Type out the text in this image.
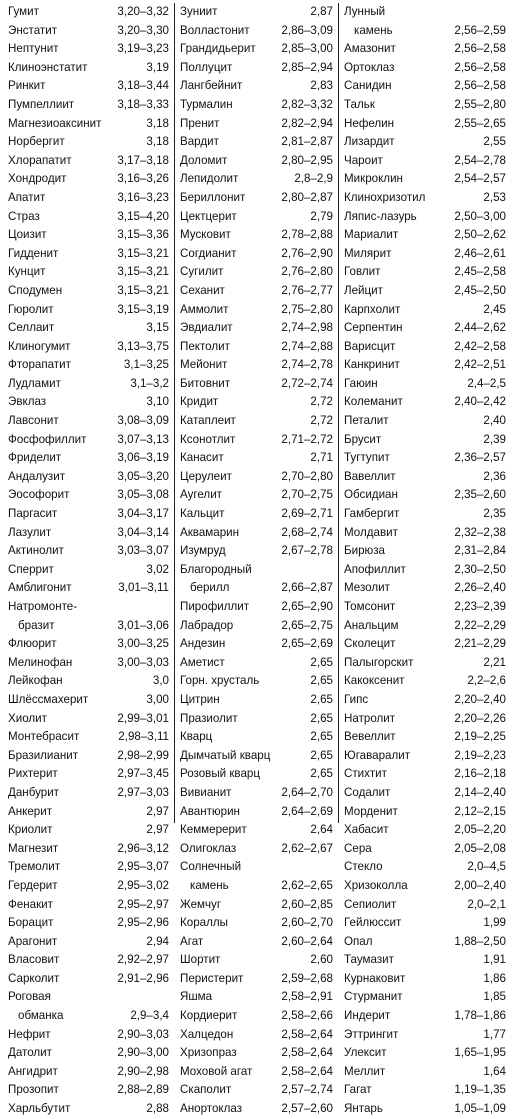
Гумит	3,20–3,32
Энстатит	3,20–3,30
Нептунит	3,19–3,23
Клиноэнстатит	3,19
Ринкит	3,18–3,44
Пумпеллиит	3,18–3,33
Магнезиоаксинит	3,18
Норбергит	3,18
Хлорапатит	3,17–3,18
Хондродит	3,16–3,26
Апатит	3,16–3,23
Страз	3,15–4,20
Цоизит	3,15–3,36
Гидденит	3,15–3,21
Кунцит	3,15–3,21
Сподумен	3,15–3,21
Гюролит	3,15–3,19
Селлаит	3,15
Клиногумит	3,13–3,75
Фторапатит	3,1–3,25
Лудламит	3,1–3,2
Эвклаз	3,10
Лавсонит	3,08–3,09
Фосфофиллит	3,07–3,13
Фриделит	3,06–3,19
Андалузит	3,05–3,20
Эософорит	3,05–3,08
Паргасит	3,04–3,17
Лазулит	3,04–3,14
Актинолит	3,03–3,07
Сперрит	3,02
Амблигонит	3,01–3,11
Натромонте-
бразит	3,01–3,06
Флюорит	3,00–3,25
Мелинофан	3,00–3,03
Лейкофан	3,0
Шлёссмахерит	3,00
Хиолит	2,99–3,01
Монтебрасит	2,98–3,11
Бразилианит	2,98–2,99
Рихтерит	2,97–3,45
Данбурит	2,97–3,03
Анкерит	2,97
Криолит	2,97
Магнезит	2,96–3,12
Тремолит	2,95–3,07
Гердерит	2,95–3,02
Фенакит	2,95–2,97
Борацит	2,95–2,96
Арагонит	2,94
Власовит	2,92–2,97
Сарколит	2,91–2,96
Роговая
обманка	2,9–3,4
Нефрит	2,90–3,03
Датолит	2,90–3,00
Ангидрит	2,90–2,98
Прозопит	2,88–2,89
Харльбутит	2,88
Зуниит	2,87
Волластонит	2,86–3,09
Грандидьерит 2,85–3,00
Поллуцит	2,85–2,94
Лангбейнит	2,83
Турмалин	2,82–3,32
Пренит	2,82–2,94
Вардит	2,81–2,87
Доломит	2,80–2,95
Лепидолит	2,8–2,9
Бериллонит	2,80–2,87
Цектцерит	2,79
Мусковит	2,78–2,88
Согдианит	2,76–2,90
Сугилит	2,76–2,80
Сеханит	2,76–2,77
Аммолит	2,75–2,80
Эвдиалит	2,74–2,98
Пектолит	2,74–2,88
Мейонит	2,74–2,78
Битовнит	2,72–2,74
Кридит	2,72
Катаплеит	2,72
Ксонотлит	2,71–2,72
Канасит	2,71
Церулеит	2,70–2,80
Аугелит	2,70–2,75
Кальцит	2,69–2,71
Аквамарин	2,68–2,74
Изумруд	2,67–2,78
Благородный
берилл	2,66–2,87
Пирофиллит	2,65–2,90
Лабрадор	2,65–2,75
Андезин	2,65–2,69
Аметист	2,65
Горн. хрусталь	2,65
Цитрин	2,65
Празиолит	2,65
Кварц	2,65
Дымчатый кварц	2,65
Розовый кварц	2,65
Вивианит	2,64–2,70
Авантюрин	2,64–2,69
Кеммерерит	2,64
Олигоклаз	2,62–2,67
Солнечный
камень	2,62–2,65
Жемчуг	2,60–2,85
Кораллы	2,60–2,70
Агат	2,60–2,64
Шортит	2,60
Перистерит	2,59–2,68
Яшма	2,58–2,91
Кордиерит	2,58–2,66
Халцедон	2,58–2,64
Хризопраз	2,58–2,64
Моховой агат	2,58–2,64
Скаполит	2,57–2,74
Анортоклаз	2,57–2,60
Лунный
камень	2,56–2,59
Амазонит	2,56–2,58
Ортоклаз	2,56–2,58
Санидин	2,56–2,58
Тальк	2,55–2,80
Нефелин	2,55–2,65
Лизардит	2,55
Чароит	2,54–2,78
Микроклин	2,54–2,57
Клинохризотил	2,53
Ляпис-лазурь	2,50–3,00
Мариалит	2,50–2,62
Милярит	2,46–2,61
Говлит	2,45–2,58
Лейцит	2,45–2,50
Карпхолит	2,45
Серпентин	2,44–2,62
Варисцит	2,42–2,58
Канкринит	2,42–2,51
Гаюин	2,4–2,5
Колеманит	2,40–2,42
Петалит	2,40
Брусит	2,39
Тугтупит	2,36–2,57
Вавеллит	2,36
Обсидиан	2,35–2,60
Гамбергит	2,35
Молдавит	2,32–2,38
Бирюза	2,31–2,84
Апофиллит	2,30–2,50
Мезолит	2,26–2,40
Томсонит	2,23–2,39
Анальцим	2,22–2,29
Сколецит	2,21–2,29
Палыгорскит	2,21
Какоксенит	2,2–2,6
Гипс	2,20–2,40
Натролит	2,20–2,26
Вевеллит	2,19–2,25
Югаваралит	2,19–2,23
Стихтит	2,16–2,18
Содалит	2,14–2,40
Морденит	2,12–2,15
Хабасит	2,05–2,20
Сера	2,05–2,08
Стекло	2,0–4,5
Хризоколла	2,00–2,40
Сепиолит	2,0–2,1
Гейлюссит	1,99
Опал	1,88–2,50
Таумазит	1,91
Курнаковит	1,86
Стурманит	1,85
Индерит	1,78–1,86
Эттрингит	1,77
Улексит	1,65–1,95
Меллит	1,64
Гагат	1,19–1,35
Янтарь	1,05–1,09
